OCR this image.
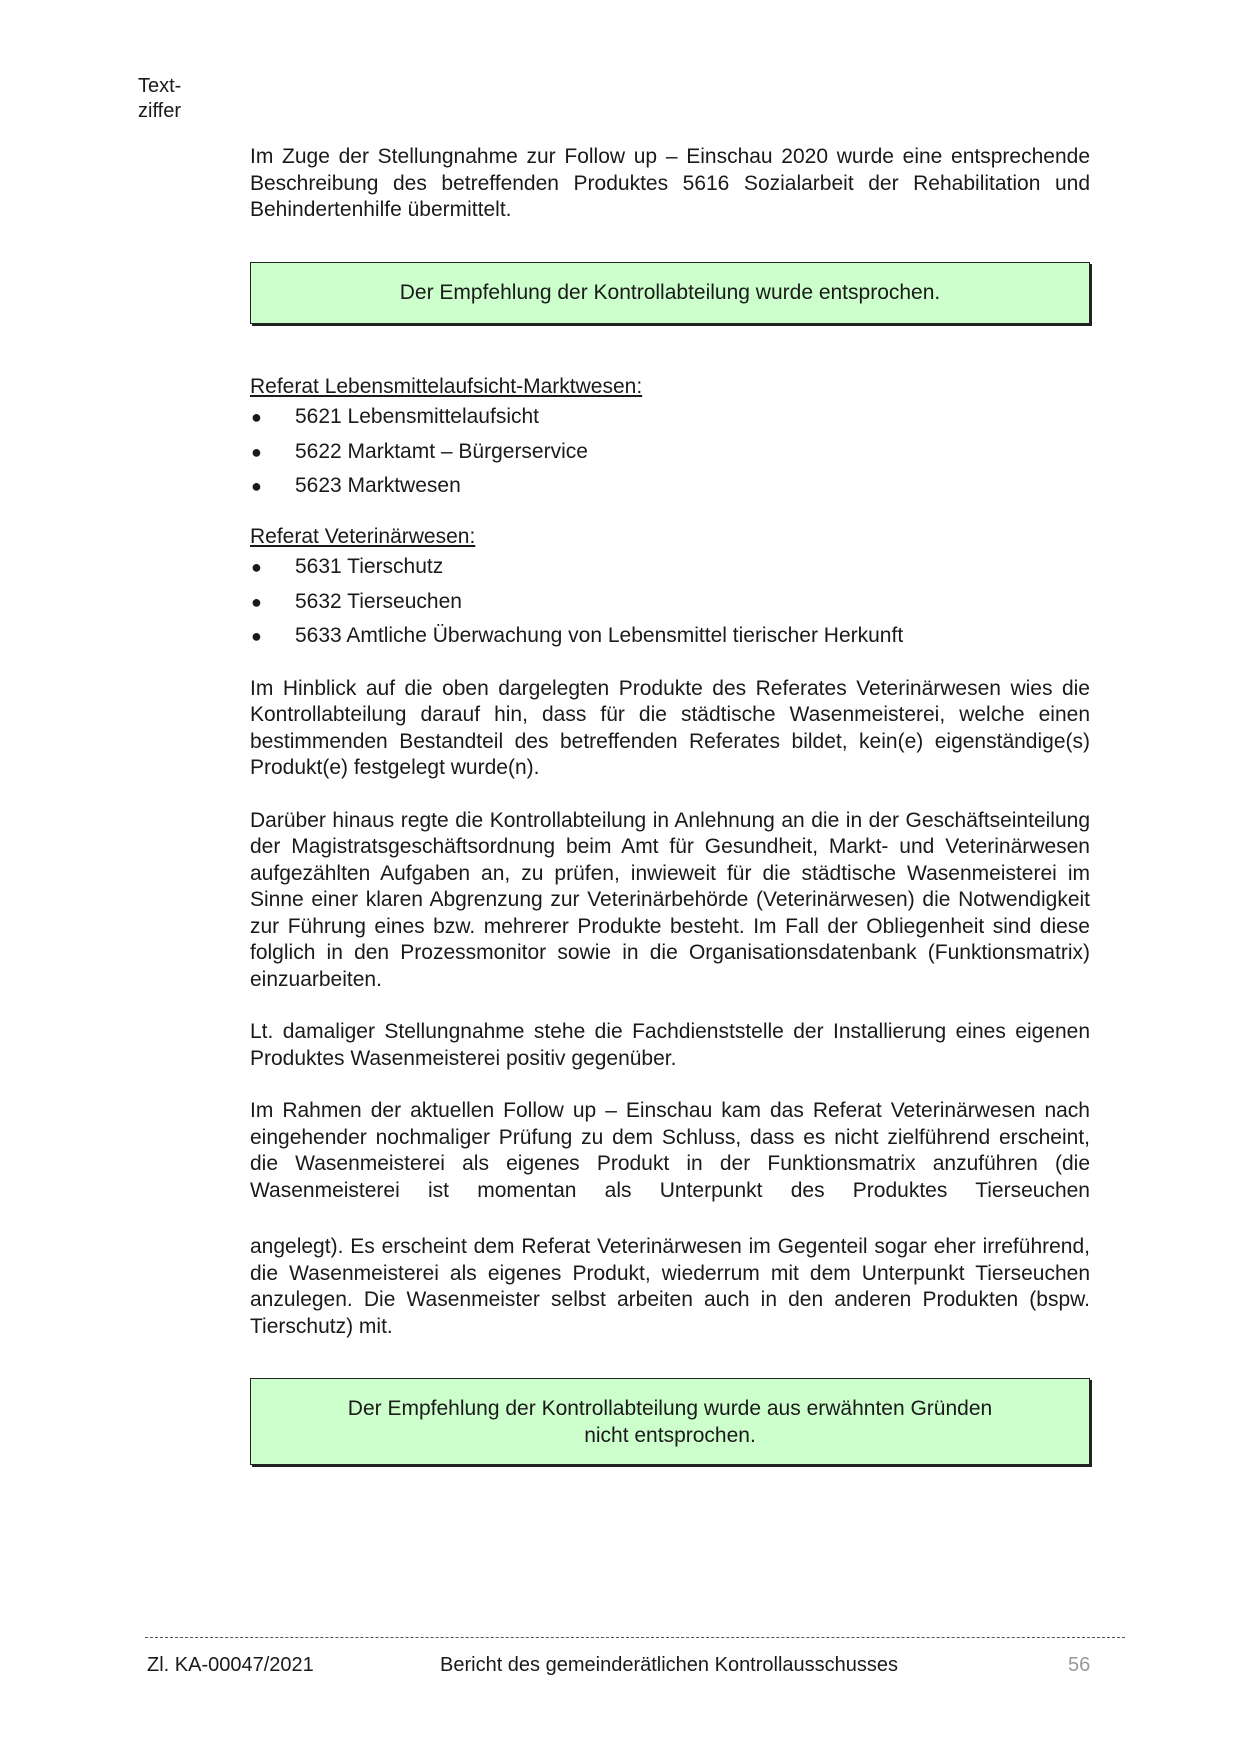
Text-
ziffer

Im Zuge der Stellungnahme zur Follow up – Einschau 2020 wurde eine entsprechende Beschreibung des betreffenden Produktes 5616 Sozialarbeit der Rehabilitation und Behindertenhilfe übermittelt.

Der Empfehlung der Kontrollabteilung wurde entsprochen.

Referat Lebensmittelaufsicht-Marktwesen:

● 5621 Lebensmittelaufsicht
● 5622 Marktamt – Bürgerservice
● 5623 Marktwesen

Referat Veterinärwesen:

● 5631 Tierschutz
● 5632 Tierseuchen
● 5633 Amtliche Überwachung von Lebensmittel tierischer Herkunft

Im Hinblick auf die oben dargelegten Produkte des Referates Veterinärwesen wies die Kontrollabteilung darauf hin, dass für die städtische Wasenmeisterei, welche einen bestimmenden Bestandteil des betreffenden Referates bildet, kein(e) eigenständige(s) Produkt(e) festgelegt wurde(n).

Darüber hinaus regte die Kontrollabteilung in Anlehnung an die in der Geschäftseinteilung der Magistratsgeschäftsordnung beim Amt für Gesundheit, Markt- und Veterinärwesen aufgezählten Aufgaben an, zu prüfen, inwieweit für die städtische Wasenmeisterei im Sinne einer klaren Abgrenzung zur Veterinärbehörde (Veterinärwesen) die Notwendigkeit zur Führung eines bzw. mehrerer Produkte besteht. Im Fall der Obliegenheit sind diese folglich in den Prozessmonitor sowie in die Organisationsdatenbank (Funktionsmatrix) einzuarbeiten.

Lt. damaliger Stellungnahme stehe die Fachdienststelle der Installierung eines eigenen Produktes Wasenmeisterei positiv gegenüber.

Im Rahmen der aktuellen Follow up – Einschau kam das Referat Veterinärwesen nach eingehender nochmaliger Prüfung zu dem Schluss, dass es nicht zielführend erscheint, die Wasenmeisterei als eigenes Produkt in der Funktionsmatrix anzuführen (die Wasenmeisterei ist momentan als Unterpunkt des Produktes Tierseuchen

angelegt). Es erscheint dem Referat Veterinärwesen im Gegenteil sogar eher irreführend, die Wasenmeisterei als eigenes Produkt, wiederrum mit dem Unterpunkt Tierseuchen anzulegen. Die Wasenmeister selbst arbeiten auch in den anderen Produkten (bspw. Tierschutz) mit.

Der Empfehlung der Kontrollabteilung wurde aus erwähnten Gründen
nicht entsprochen.
Zl. KA-00047/2021	Bericht des gemeinderätlichen Kontrollausschusses	56
